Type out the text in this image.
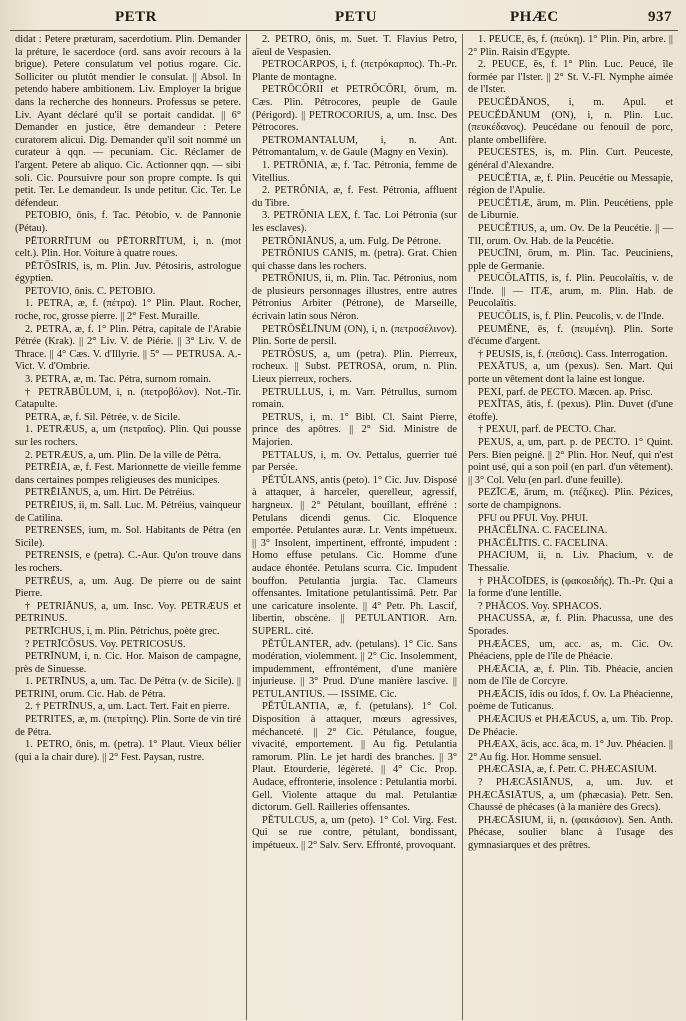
PETR	PETU	PHÆC	937

didat : Petere præturam, sacerdotium. Plin. Demander la préture, le sacerdoce (ord. sans avoir recours à la brigue). Petere consulatum vel potius rogare. Cic. Solliciter ou plutôt mendier le consulat. || Absol. In petendo habere ambitionem. Liv. Employer la brigue dans la recherche des honneurs. Professus se petere. Liv. Ayant déclaré qu'il se portait candidat. || 6° Demander en justice, être demandeur : Petere curatorem alicui. Dig. Demander qu'il soit nommé un curateur à qqn. — pecuniam. Cic. Réclamer de l'argent. Petere ab aliquo. Cic. Actionner qqn. — sibi soli. Cic. Poursuivre pour son propre compte. Is qui petit. Ter. Le demandeur. Is unde petitur. Cic. Ter. Le défendeur.

PETOBIO, ōnis, f. Tac. Pétobio, v. de Pannonie (Pétau).

PĒTORRĪTUM ou PĒTORRĪTUM, i, n. (mot celt.). Plin. Hor. Voiture à quatre roues.

PĒTŌSĪRIS, is, m. Plin. Juv. Pétosiris, astrologue égyptien.

PETOVIO, ōnis. C. PETOBIO.

1. PETRA, æ, f. (πέτρα). 1° Plin. Plaut. Rocher, roche, roc, grosse pierre. || 2° Fest. Muraille.

2. PETRA, æ, f. 1° Plin. Pétra, capitale de l'Arabie Pétrée (Krak). || 2° Liv. V. de Piérie. || 3° Liv. V. de Thrace. || 4° Cæs. V. d'Illyrie. || 5° — PETRUSA. A.-Vict. V. d'Ombrie.

3. PETRA, æ, m. Tac. Pétra, surnom romain.

† PETRĀBŬLUM, i, n. (πετροβόλον). Not.-Tir. Catapulte.

PETRA, æ, f. Sil. Pétrée, v. de Sicile.

1. PETRÆUS, a, um (πετραῖος). Plin. Qui pousse sur les rochers.

2. PETRÆUS, a, um. Plin. De la ville de Pétra.

PETRĒIA, æ, f. Fest. Marionnette de vieille femme dans certaines pompes religieuses des municipes.

PETRĒIĀNUS, a, um. Hirt. De Pétréius.

PETRĒIUS, ii, m. Sall. Luc. M. Pétréius, vainqueur de Catilina.

PETRENSES, ium, m. Sol. Habitants de Pétra (en Sicile).

PETRENSIS, e (petra). C.-Aur. Qu'on trouve dans les rochers.

PETRĒUS, a, um. Aug. De pierre ou de saint Pierre.

† PETRIĀNUS, a, um. Insc. Voy. PETRÆUS et PETRINUS.

PETRĪCHUS, i, m. Plin. Pétrichus, poète grec.

? PETRĪCŌSUS. Voy. PETRICOSUS.

PETRĪNUM, i, n. Cic. Hor. Maison de campagne, près de Sinuesse.

1. PETRĪNUS, a, um. Tac. De Pétra (v. de Sicile). || PETRINI, orum. Cic. Hab. de Pétra.

2. † PETRĪNUS, a, um. Lact. Tert. Fait en pierre.

PETRITES, æ, m. (πετρίτης). Plin. Sorte de vin tiré de Pétra.

1. PETRO, ōnis, m. (petra). 1° Plaut. Vieux bélier (qui a la chair dure). || 2° Fest. Paysan, rustre.

2. PETRO, ōnis, m. Suet. T. Flavius Petro, aïeul de Vespasien.

PETROCARPOS, i, f. (πετρόκαρπος). Th.-Pr. Plante de montagne.

PETRŌCŌRII et PETRŌCŌRI, ōrum, m. Cæs. Plin. Pétrocores, peuple de Gaule (Périgord). || PETROCORIUS, a, um. Insc. Des Pétrocores.

PETROMANTALUM, i, n. Ant. Pétromantalum, v. de Gaule (Magny en Vexin).

1. PETRŌNIA, æ, f. Tac. Pétronia, femme de Vitellius.

2. PETRŌNIA, æ, f. Fest. Pétronia, affluent du Tibre.

3. PETRŌNIA LEX, f. Tac. Loi Pétronia (sur les esclaves).

PETRŌNIĀNUS, a, um. Fulg. De Pétrone.

PETRŌNIUS CANIS, m. (petra). Grat. Chien qui chasse dans les rochers.

PETRŌNIUS, ii, m. Plin. Tac. Pétronius, nom de plusieurs personnages illustres, entre autres Pétronius Arbiter (Pétrone), de Marseille, écrivain latin sous Néron.

PETRŌSĔLĪNUM (ON), i, n. (πετροσέλινον). Plin. Sorte de persil.

PETRŌSUS, a, um (petra). Plin. Pierreux, rocheux. || Subst. PETROSA, orum, n. Plin. Lieux pierreux, rochers.

PETRULLUS, i, m. Varr. Pétrullus, surnom romain.

PETRUS, i, m. 1° Bibl. Cl. Saint Pierre, prince des apôtres. || 2° Sid. Ministre de Majorien.

PETTALUS, i, m. Ov. Pettalus, guerrier tué par Persée.

PĔTŬLANS, antis (peto). 1° Cic. Juv. Disposé à attaquer, à harceler, querelleur, agressif, hargneux. || 2° Pétulant, bouillant, effréné : Petulans dicendi genus. Cic. Eloquence emportée. Petulantes auræ. Lr. Vents impétueux. || 3° Insolent, impertinent, effronté, impudent : Homo effuse petulans. Cic. Homme d'une audace éhontée. Petulans scurra. Cic. Impudent bouffon. Petulantia jurgia. Tac. Clameurs offensantes. Imitatione petulantissimâ. Petr. Par une caricature insolente. || 4° Petr. Ph. Lascif, libertin, obscène. || PETULANTIOR. Arn. SUPERL. cité.

PĔTŬLANTER, adv. (petulans). 1° Cic. Sans modération, violemment. || 2° Cic. Insolemment, impudemment, effrontément, d'une manière injurieuse. || 3° Prud. D'une manière lascive. || PETULANTIUS. — ISSIME. Cic.

PĔTŬLANTIA, æ, f. (petulans). 1° Col. Disposition à attaquer, mœurs agressives, méchanceté. || 2° Cic. Pétulance, fougue, vivacité, emportement. || Au fig. Petulantia ramorum. Plin. Le jet hardi des branches. || 3° Plaut. Etourderie, légèreté. || 4° Cic. Prop. Audace, effronterie, insolence : Petulantia morbi. Gell. Violente attaque du mal. Petulantiæ dictorum. Gell. Railleries offensantes.

PĔTULCUS, a, um (peto). 1° Col. Virg. Fest. Qui se rue contre, pétulant, bondissant, impétueux. || 2° Salv. Serv. Effronté, provoquant.

1. PEUCE, ēs, f. (πεύκη). 1° Plin. Pin, arbre. || 2° Plin. Raisin d'Egypte.

2. PEUCE, ēs, f. 1° Plin. Luc. Peucé, île formée par l'Ister. || 2° St. V.-Fl. Nymphe aimée de l'Ister.

PEUCĔDĂNOS, i, m. Apul. et PEUCĔDĂNUM (ON), i, n. Plin. Luc. (πευκέδανος). Peucédane ou fenouil de porc, plante ombellifère.

PEUCESTES, is, m. Plin. Curt. Peuceste, général d'Alexandre.

PEUCĔTIA, æ, f. Plin. Peucétie ou Messapie, région de l'Apulie.

PEUCĔTIÆ, ārum, m. Plin. Peucétiens, pple de Liburnie.

PEUCĔTIUS, a, um. Ov. De la Peucétie. || — TII, orum. Ov. Hab. de la Peucétie.

PEUCĪNI, ōrum, m. Plin. Tac. Peuciniens, pple de Germanie.

PEUCŎLAĪTIS, is, f. Plin. Peucolaïtis, v. de l'Inde. || — ITÆ, arum, m. Plin. Hab. de Peucolaïtis.

PEUCŎLIS, is, f. Plin. Peucolis, v. de l'Inde.

PEUMĔNE, ēs, f. (πευμένη). Plin. Sorte d'écume d'argent.

† PEUSIS, is, f. (πεῦσις). Cass. Interrogation.

PEXĀTUS, a, um (pexus). Sen. Mart. Qui porte un vêtement dont la laine est longue.

PEXI, parf. de PECTO. Mæcen. ap. Prisc.

PEXĬTAS, ātis, f. (pexus). Plin. Duvet (d'une étoffe).

† PEXUI, parf. de PECTO. Char.

PEXUS, a, um, part. p. de PECTO. 1° Quint. Pers. Bien peigné. || 2° Plin. Hor. Neuf, qui n'est point usé, qui a son poil (en parl. d'un vêtement). || 3° Col. Velu (en parl. d'une feuille).

PEZĪCÆ, ārum, m. (πέζικες). Plin. Pézices, sorte de champignons.

PFU ou PFUI. Voy. PHUI.

PHĀCĔLĪNA. C. FACELINA.

PHĀCĔLĪTIS. C. FACELINA.

PHACIUM, ii, n. Liv. Phacium, v. de Thessalie.

† PHĂCOĪDES, is (φακοειδής). Th.-Pr. Qui a la forme d'une lentille.

? PHĂCOS. Voy. SPHACOS.

PHACUSSA, æ, f. Plin. Phacussa, une des Sporades.

PHÆĀCES, um, acc. as, m. Cic. Ov. Phéaciens, pple de l'île de Phéacie.

PHÆĀCIA, æ, f. Plin. Tib. Phéacie, ancien nom de l'île de Corcyre.

PHÆĀCIS, ĭdis ou ĭdos, f. Ov. La Phéacienne, poème de Tuticanus.

PHÆĀCIUS et PHÆĀCUS, a, um. Tib. Prop. De Phéacie.

PHÆAX, ācis, acc. āca, m. 1° Juv. Phéacien. || 2° Au fig. Hor. Homme sensuel.

PHÆCĀSIA, æ, f. Petr. C. PHÆCASIUM.

? PHÆCĀSIĀNUS, a, um. Juv. et PHÆCĀSIĀTUS, a, um (phæcasia). Petr. Sen. Chaussé de phécases (à la manière des Grecs).

PHÆCĀSIUM, ii, n. (φαικάσιον). Sen. Anth. Phécase, soulier blanc à l'usage des gymnasiarques et des prêtres.
